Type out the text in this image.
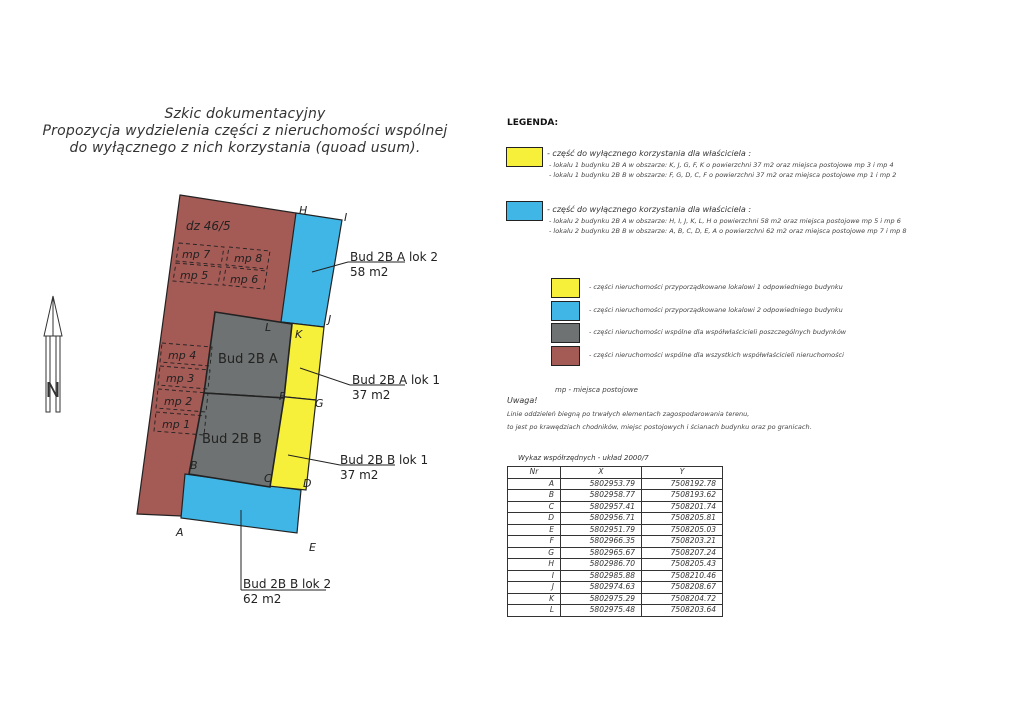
Szkic dokumentacyjny
Propozycja wydzielenia części z nieruchomości wspólnej
do wyłącznego z nich korzystania (quoad usum).
N
dz 46/5
mp 7 mp 8
mp 5 mp 6
mp 4
mp 3
mp 2
mp 1
Bud 2B A
Bud 2B B
A
B
C	D
E
F
G
H
I
J
K
L
Bud 2B A lok 2
58 m2
Bud 2B A lok 1
37 m2
Bud 2B B lok 1
37 m2
Bud 2B B lok 2
62 m2
LEGENDA:
- część do wyłącznego korzystania dla właściciela :
- lokalu 1 budynku 2B A w obszarze: K, J, G, F, K o powierzchni 37 m2 oraz miejsca postojowe mp 3 i mp 4
- lokalu 1 budynku 2B B w obszarze: F, G, D, C, F o powierzchni 37 m2 oraz miejsca postojowe mp 1 i mp 2
- część do wyłącznego korzystania dla właściciela :
- lokalu 2 budynku 2B A w obszarze: H, I, J, K, L, H o powierzchni 58 m2 oraz miejsca postojowe mp 5 i mp 6
- lokalu 2 budynku 2B B w obszarze: A, B, C, D, E, A o powierzchni 62 m2 oraz miejsca postojowe mp 7 i mp 8
- części nieruchomości przyporządkowane lokalowi 1 odpowiedniego budynku
- części nieruchomości przyporządkowane lokalowi 2 odpowiedniego budynku
- części nieruchomości wspólne dla współwłaścicieli poszczególnych budynków
- części nieruchomości wspólne dla wszystkich współwłaścicieli nieruchomości
mp - miejsca postojowe
Uwaga!
Linie oddzieleń biegną po trwałych elementach zagospodarowania terenu,
to jest po krawędziach chodników, miejsc postojowych i ścianach budynku oraz po granicach.
Wykaz współrzędnych - układ 2000/7
Nr	X	Y
A	5802953.79	7508192.78
B	5802958.77	7508193.62
C	5802957.41	7508201.74
D	5802956.71	7508205.81
E	5802951.79	7508205.03
F	5802966.35	7508203.21
G	5802965.67	7508207.24
H	5802986.70	7508205.43
I	5802985.88	7508210.46
J	5802974.63	7508208.67
K	5802975.29	7508204.72
L	5802975.48	7508203.64
